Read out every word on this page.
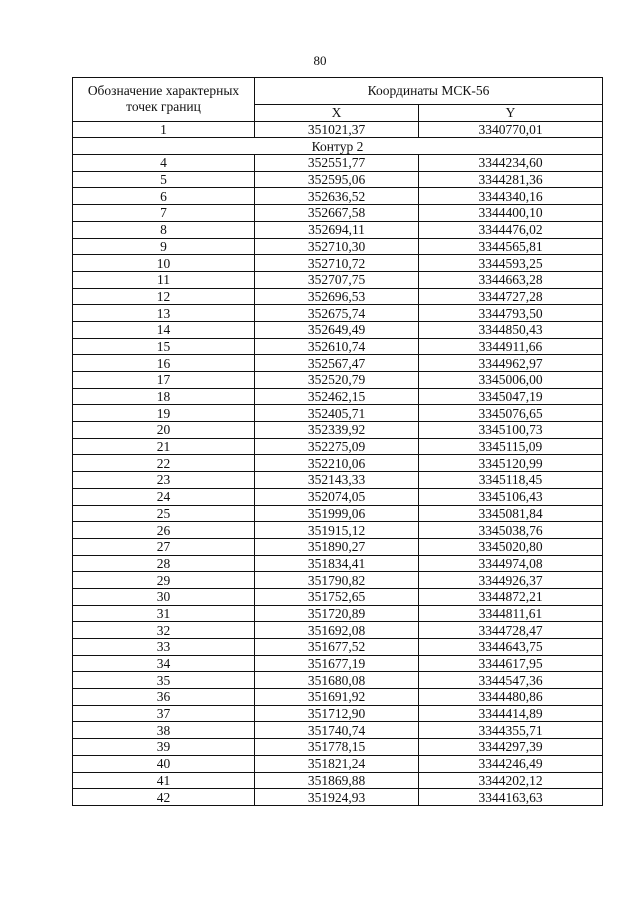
80
Обозначение характерных точек границ	Координаты МСК-56	
	X	Y
1	351021,37	3340770,01
Контур 2		
4	352551,77	3344234,60
5	352595,06	3344281,36
6	352636,52	3344340,16
7	352667,58	3344400,10
8	352694,11	3344476,02
9	352710,30	3344565,81
10	352710,72	3344593,25
11	352707,75	3344663,28
12	352696,53	3344727,28
13	352675,74	3344793,50
14	352649,49	3344850,43
15	352610,74	3344911,66
16	352567,47	3344962,97
17	352520,79	3345006,00
18	352462,15	3345047,19
19	352405,71	3345076,65
20	352339,92	3345100,73
21	352275,09	3345115,09
22	352210,06	3345120,99
23	352143,33	3345118,45
24	352074,05	3345106,43
25	351999,06	3345081,84
26	351915,12	3345038,76
27	351890,27	3345020,80
28	351834,41	3344974,08
29	351790,82	3344926,37
30	351752,65	3344872,21
31	351720,89	3344811,61
32	351692,08	3344728,47
33	351677,52	3344643,75
34	351677,19	3344617,95
35	351680,08	3344547,36
36	351691,92	3344480,86
37	351712,90	3344414,89
38	351740,74	3344355,71
39	351778,15	3344297,39
40	351821,24	3344246,49
41	351869,88	3344202,12
42	351924,93	3344163,63
